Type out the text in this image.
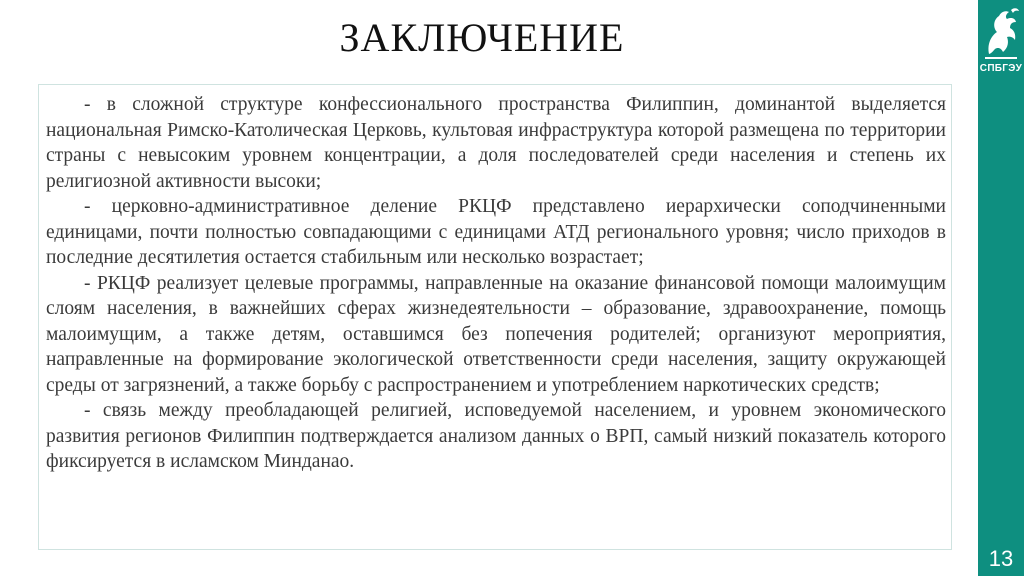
ЗАКЛЮЧЕНИЕ

- в сложной структуре конфессионального пространства Филиппин, доминантой выделяется национальная Римско-Католическая Церковь, культовая инфраструктура которой размещена по территории страны с невысоким уровнем концентрации, а доля последователей среди населения и степень их религиозной активности высоки;

- церковно-административное деление РКЦФ представлено иерархически соподчиненными единицами, почти полностью совпадающими с единицами АТД регионального уровня; число приходов в последние десятилетия остается стабильным или несколько возрастает;

- РКЦФ реализует целевые программы, направленные на оказание финансовой помощи малоимущим слоям населения, в важнейших сферах жизнедеятельности – образование, здравоохранение, помощь малоимущим, а также детям, оставшимся без попечения родителей; организуют мероприятия, направленные на формирование экологической ответственности среди населения, защиту окружающей среды от загрязнений, а также борьбу с распространением и употреблением наркотических средств;

- связь между преобладающей религией, исповедуемой населением, и уровнем экономического развития регионов Филиппин подтверждается анализом данных о ВРП, самый низкий показатель которого фиксируется в исламском Минданао.

СПБГЭУ
13
